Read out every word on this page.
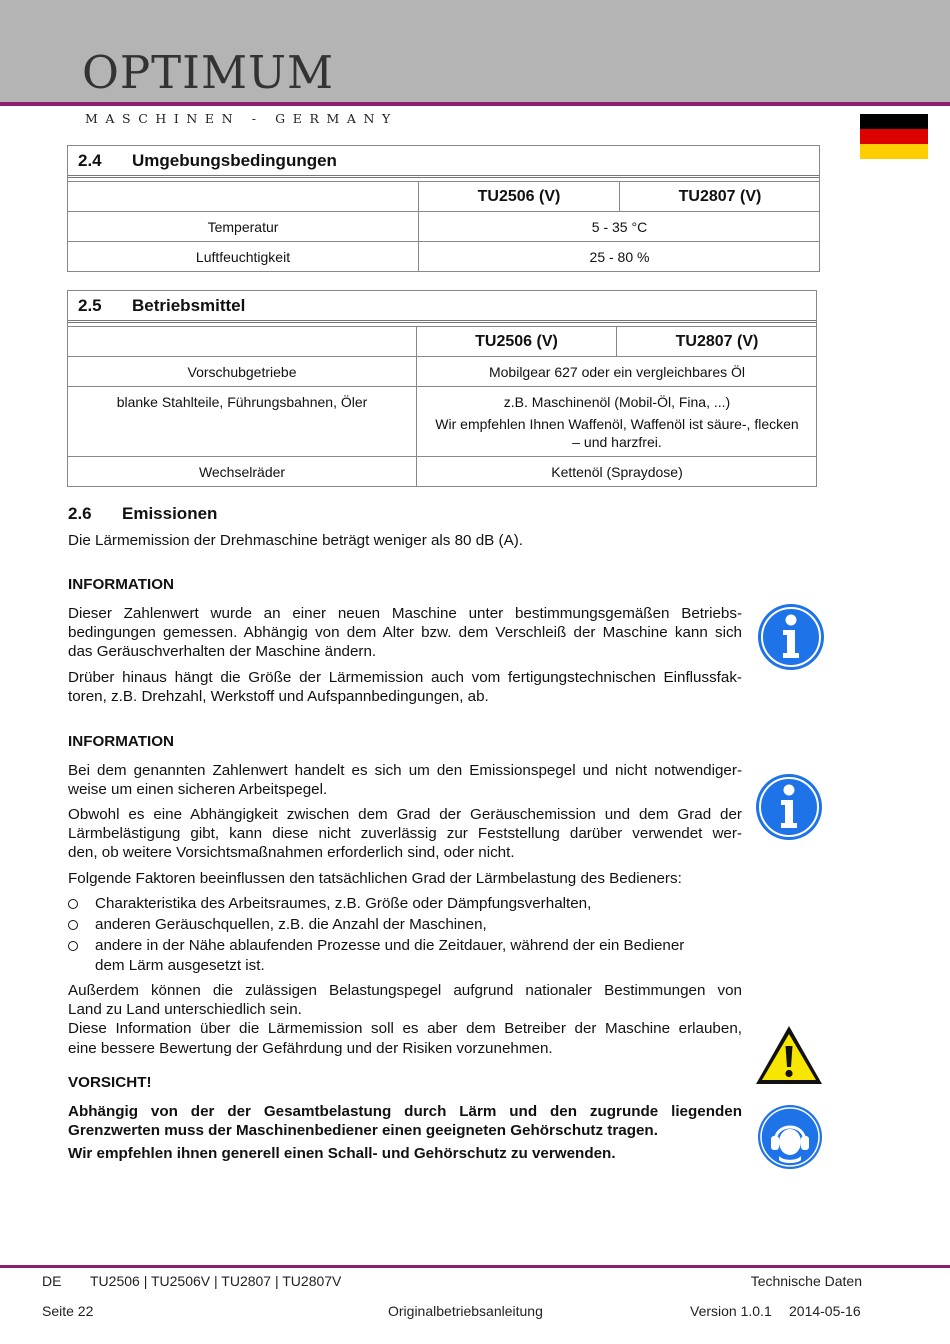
OPTIMUM
MASCHINEN - GERMANY
2.4 Umgebungsbedingungen
TU2506 (V)	TU2807 (V)
Temperatur	5 - 35 °C
Luftfeuchtigkeit	25 - 80 %
2.5 Betriebsmittel
TU2506 (V)	TU2807 (V)
Vorschubgetriebe	Mobilgear 627 oder ein vergleichbares Öl
blanke Stahlteile, Führungsbahnen, Öler	z.B. Maschinenöl (Mobil-Öl, Fina, ...)
Wir empfehlen Ihnen Waffenöl, Waffenöl ist säure-, flecken
– und harzfrei.
Wechselräder	Kettenöl (Spraydose)
2.6 Emissionen
Die Lärmemission der Drehmaschine beträgt weniger als 80 dB (A).
INFORMATION
Dieser Zahlenwert wurde an einer neuen Maschine unter bestimmungsgemäßen Betriebs-
bedingungen gemessen. Abhängig von dem Alter bzw. dem Verschleiß der Maschine kann sich
das Geräuschverhalten der Maschine ändern.
Drüber hinaus hängt die Größe der Lärmemission auch vom fertigungstechnischen Einflussfak-
toren, z.B. Drehzahl, Werkstoff und Aufspannbedingungen, ab.
INFORMATION
Bei dem genannten Zahlenwert handelt es sich um den Emissionspegel und nicht notwendiger-
weise um einen sicheren Arbeitspegel.
Obwohl es eine Abhängigkeit zwischen dem Grad der Geräuschemission und dem Grad der
Lärmbelästigung gibt, kann diese nicht zuverlässig zur Feststellung darüber verwendet wer-
den, ob weitere Vorsichtsmaßnahmen erforderlich sind, oder nicht.
Folgende Faktoren beeinflussen den tatsächlichen Grad der Lärmbelastung des Bedieners:
Charakteristika des Arbeitsraumes, z.B. Größe oder Dämpfungsverhalten,
anderen Geräuschquellen, z.B. die Anzahl der Maschinen,
andere in der Nähe ablaufenden Prozesse und die Zeitdauer, während der ein Bediener
dem Lärm ausgesetzt ist.
Außerdem können die zulässigen Belastungspegel aufgrund nationaler Bestimmungen von
Land zu Land unterschiedlich sein.
Diese Information über die Lärmemission soll es aber dem Betreiber der Maschine erlauben,
eine bessere Bewertung der Gefährdung und der Risiken vorzunehmen.
VORSICHT!
Abhängig von der der Gesamtbelastung durch Lärm und den zugrunde liegenden
Grenzwerten muss der Maschinenbediener einen geeigneten Gehörschutz tragen.
Wir empfehlen ihnen generell einen Schall- und Gehörschutz zu verwenden.
DE TU2506 | TU2506V | TU2807 | TU2807V	Technische Daten
Seite 22	Originalbetriebsanleitung	Version 1.0.1 2014-05-16
